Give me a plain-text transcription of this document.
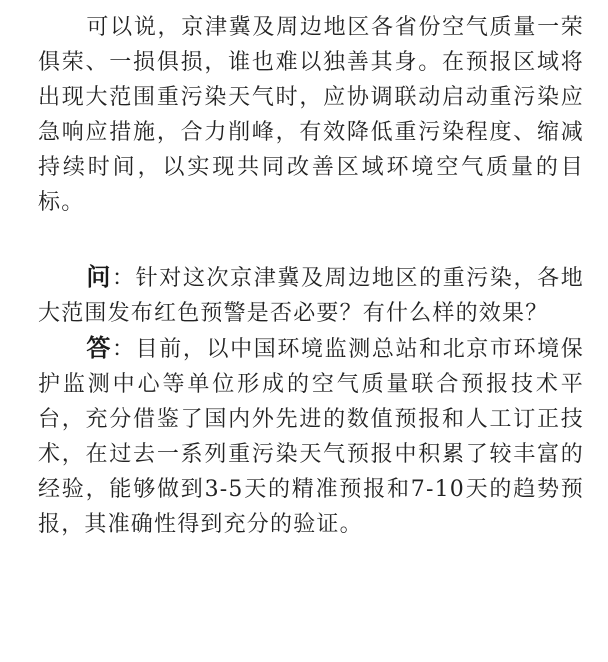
可以说，京津冀及周边地区各省份空气质量一荣俱荣、一损俱损，谁也难以独善其身。在预报区域将出现大范围重污染天气时，应协调联动启动重污染应急响应措施，合力削峰，有效降低重污染程度、缩减持续时间，以实现共同改善区域环境空气质量的目标。

问：针对这次京津冀及周边地区的重污染，各地大范围发布红色预警是否必要？有什么样的效果？

答：目前，以中国环境监测总站和北京市环境保护监测中心等单位形成的空气质量联合预报技术平台，充分借鉴了国内外先进的数值预报和人工订正技术，在过去一系列重污染天气预报中积累了较丰富的经验，能够做到3-5天的精准预报和7-10天的趋势预报，其准确性得到充分的验证。
